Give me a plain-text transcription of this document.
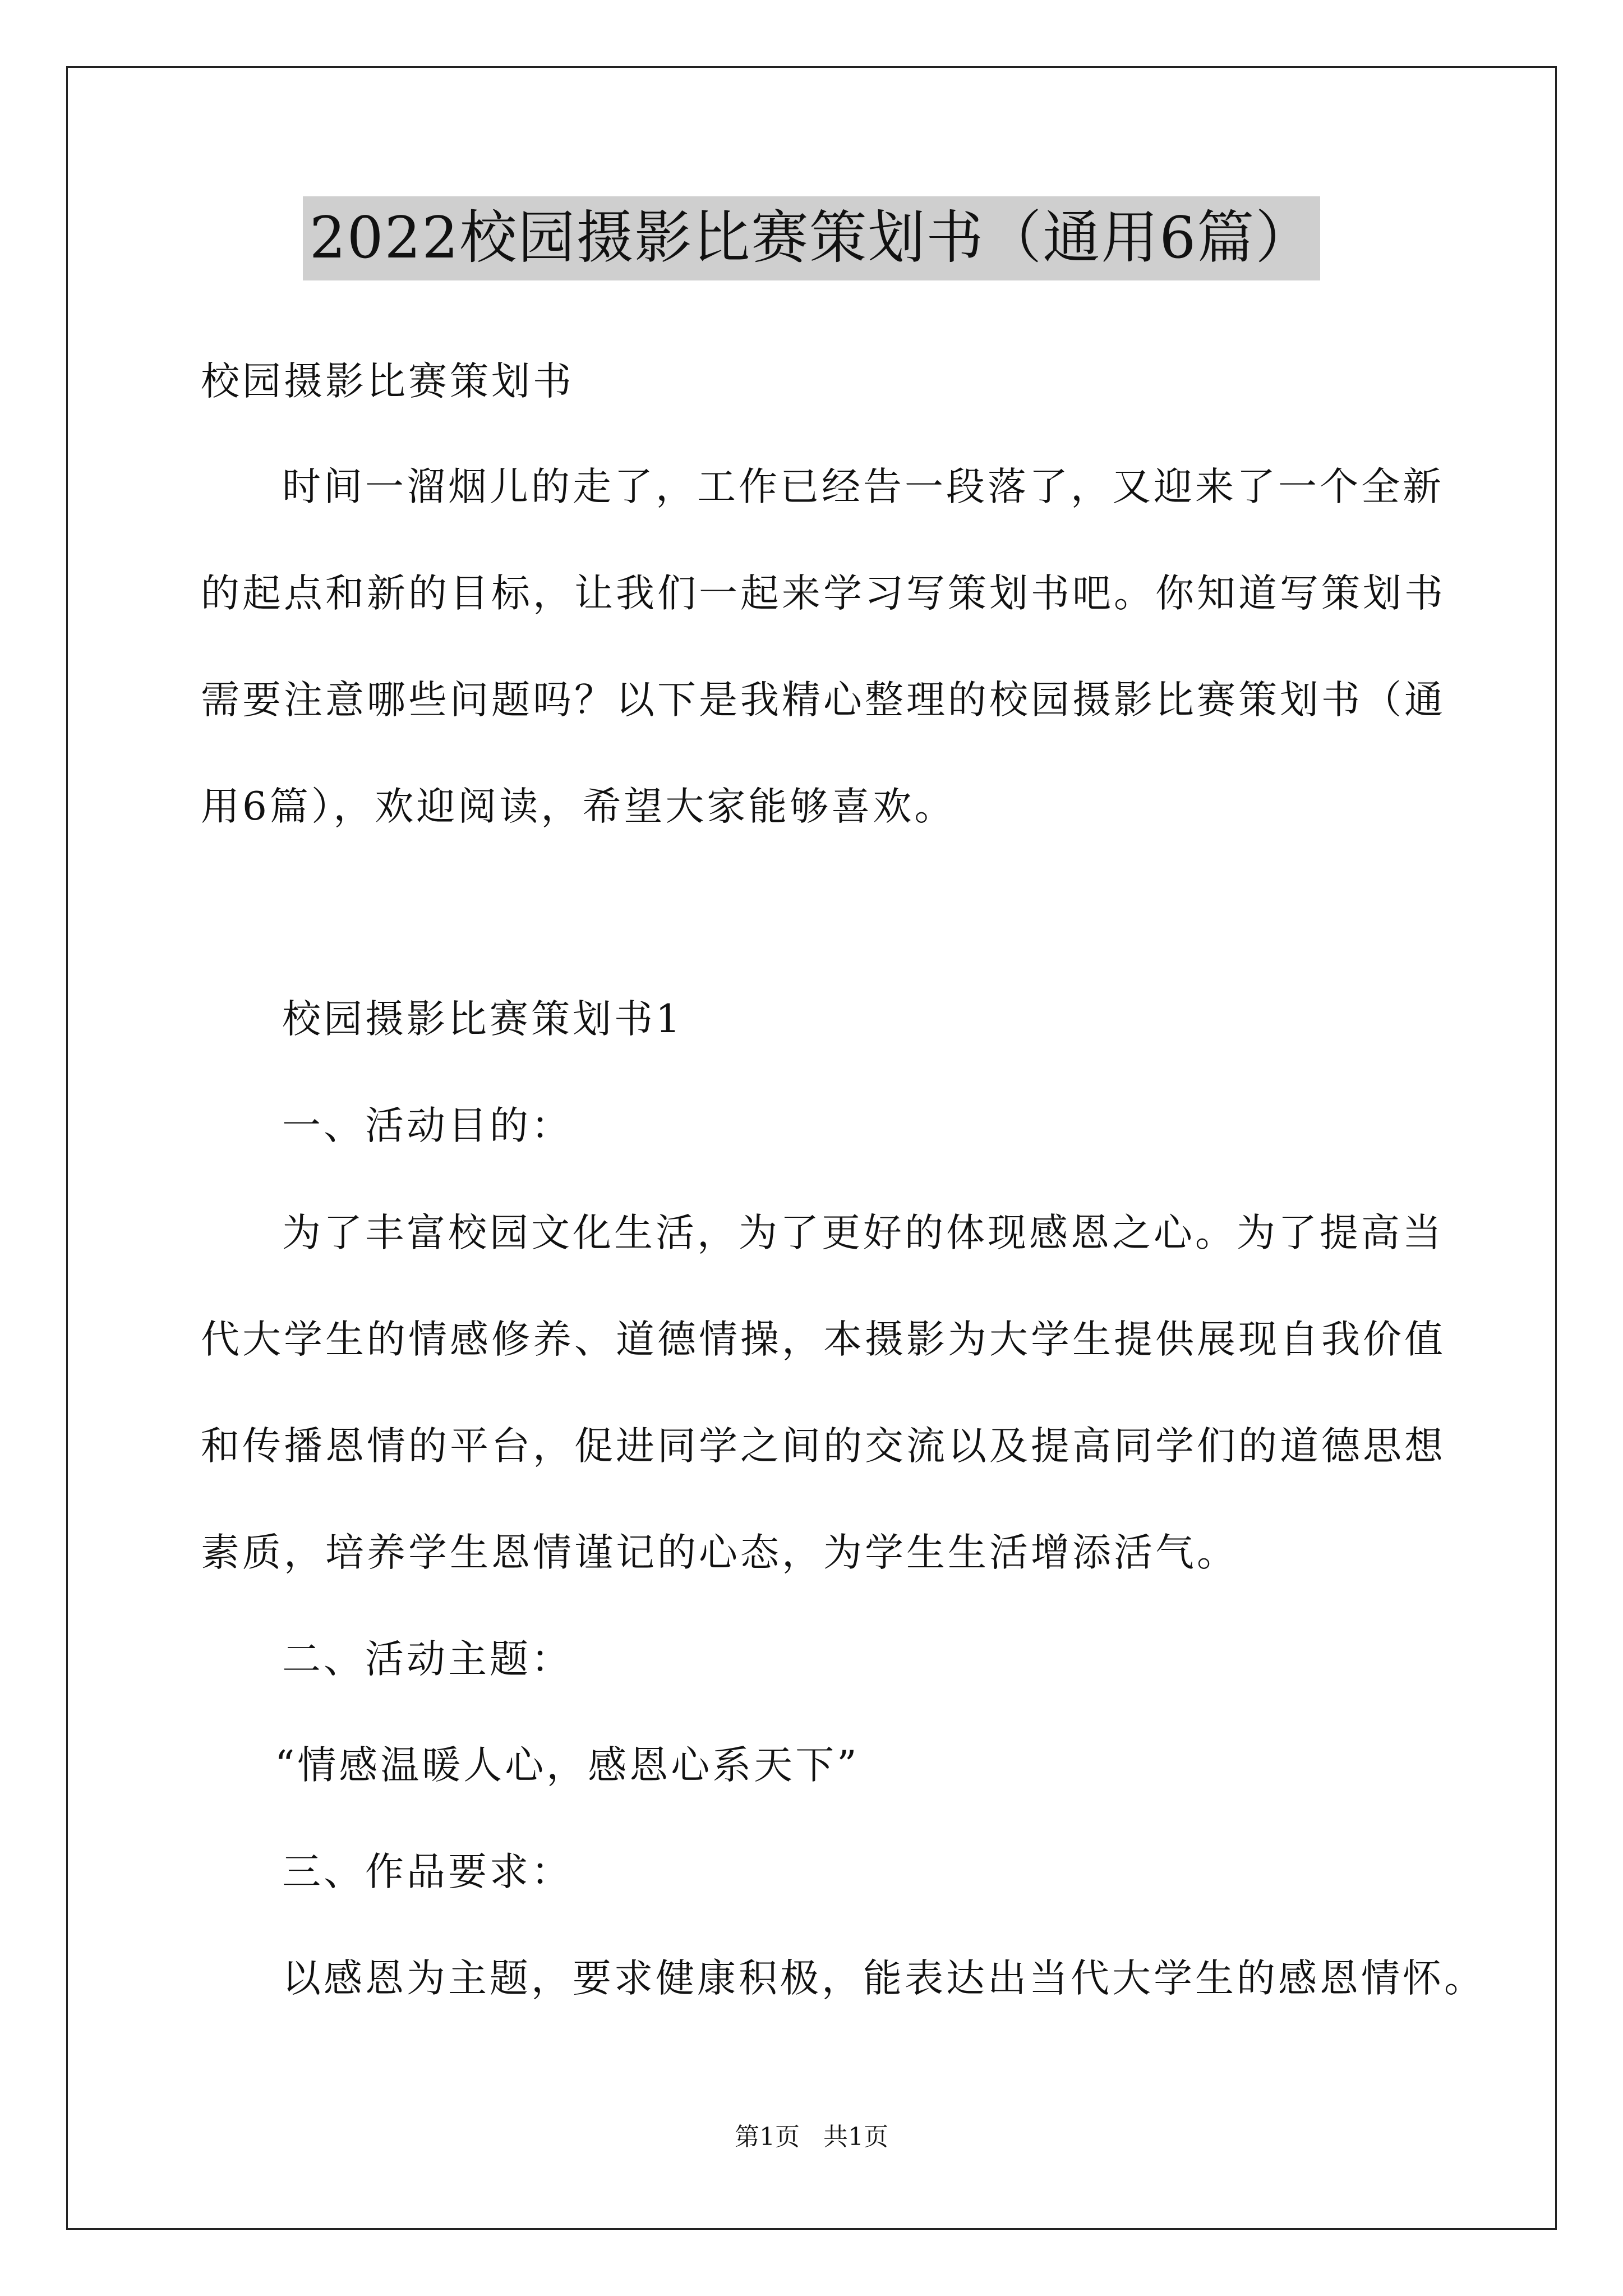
2022校园摄影比赛策划书（通用6篇）
校园摄影比赛策划书
时间一溜烟儿的走了，工作已经告一段落了，又迎来了一个全新
的起点和新的目标，让我们一起来学习写策划书吧。你知道写策划书
需要注意哪些问题吗？以下是我精心整理的校园摄影比赛策划书（通
用6篇），欢迎阅读，希望大家能够喜欢。
校园摄影比赛策划书1
一、活动目的：
为了丰富校园文化生活，为了更好的体现感恩之心。为了提高当
代大学生的情感修养、道德情操，本摄影为大学生提供展现自我价值
和传播恩情的平台，促进同学之间的交流以及提高同学们的道德思想
素质，培养学生恩情谨记的心态，为学生生活增添活气。
二、活动主题：
“情感温暖人心，感恩心系天下”
三、作品要求：
以感恩为主题，要求健康积极，能表达出当代大学生的感恩情怀。
第1页   共1页
